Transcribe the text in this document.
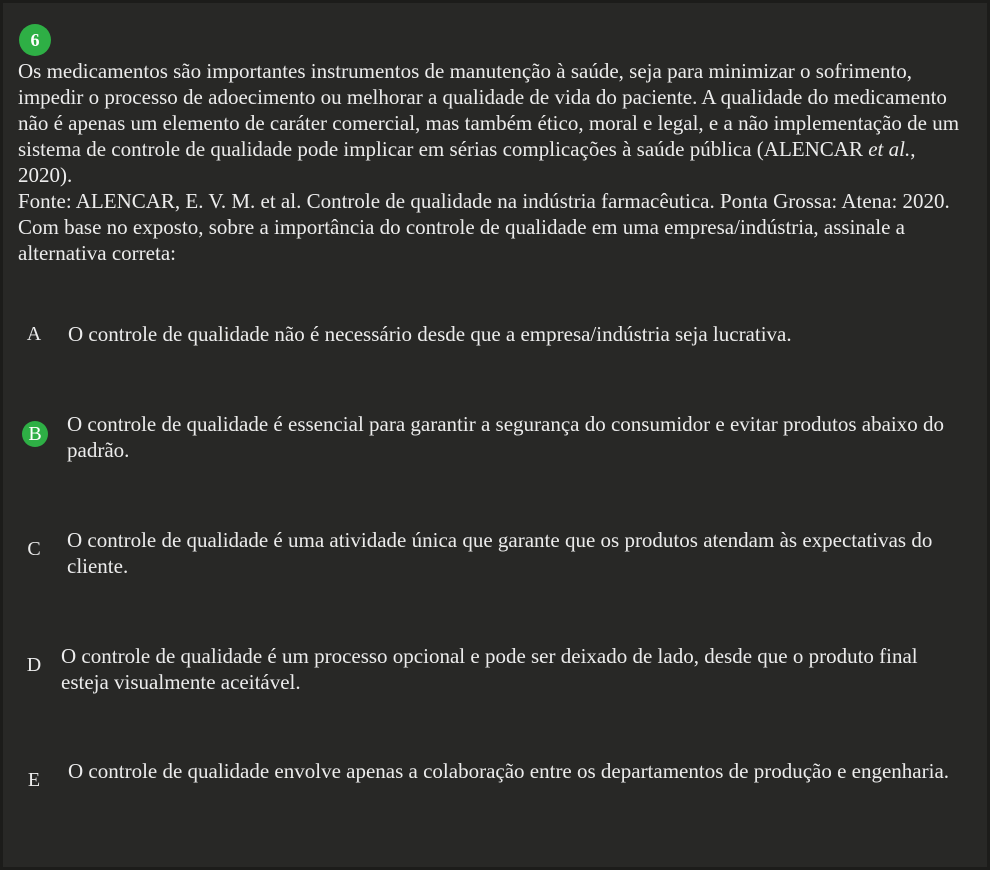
6

Os medicamentos são importantes instrumentos de manutenção à saúde, seja para minimizar o sofrimento, impedir o processo de adoecimento ou melhorar a qualidade de vida do paciente. A qualidade do medicamento não é apenas um elemento de caráter comercial, mas também ético, moral e legal, e a não implementação de um sistema de controle de qualidade pode implicar em sérias complicações à saúde pública (ALENCAR et al., 2020).

Fonte: ALENCAR, E. V. M. et al. Controle de qualidade na indústria farmacêutica. Ponta Grossa: Atena: 2020.

Com base no exposto, sobre a importância do controle de qualidade em uma empresa/indústria, assinale a alternativa correta:

A	O controle de qualidade não é necessário desde que a empresa/indústria seja lucrativa.
B	O controle de qualidade é essencial para garantir a segurança do consumidor e evitar produtos abaixo do padrão.
C	O controle de qualidade é uma atividade única que garante que os produtos atendam às expectativas do cliente.
D O controle de qualidade é um processo opcional e pode ser deixado de lado, desde que o produto final esteja visualmente aceitável.
E	O controle de qualidade envolve apenas a colaboração entre os departamentos de produção e engenharia.
